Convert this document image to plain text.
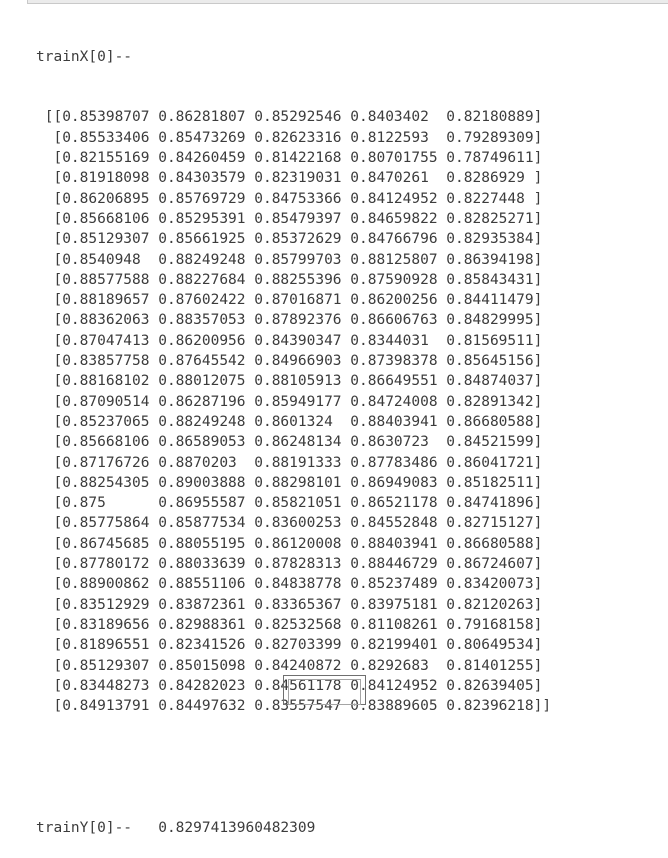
trainX[0]--

[[0.85398707 0.86281807 0.85292546 0.8403402  0.82180889]
[0.85533406 0.85473269 0.82623316 0.8122593  0.79289309]
[0.82155169 0.84260459 0.81422168 0.80701755 0.78749611]
[0.81918098 0.84303579 0.82319031 0.8470261  0.8286929 ]
[0.86206895 0.85769729 0.84753366 0.84124952 0.8227448 ]
[0.85668106 0.85295391 0.85479397 0.84659822 0.82825271]
[0.85129307 0.85661925 0.85372629 0.84766796 0.82935384]
[0.8540948  0.88249248 0.85799703 0.88125807 0.86394198]
[0.88577588 0.88227684 0.88255396 0.87590928 0.85843431]
[0.88189657 0.87602422 0.87016871 0.86200256 0.84411479]
[0.88362063 0.88357053 0.87892376 0.86606763 0.84829995]
[0.87047413 0.86200956 0.84390347 0.8344031  0.81569511]
[0.83857758 0.87645542 0.84966903 0.87398378 0.85645156]
[0.88168102 0.88012075 0.88105913 0.86649551 0.84874037]
[0.87090514 0.86287196 0.85949177 0.84724008 0.82891342]
[0.85237065 0.88249248 0.8601324  0.88403941 0.86680588]
[0.85668106 0.86589053 0.86248134 0.8630723  0.84521599]
[0.87176726 0.8870203  0.88191333 0.87783486 0.86041721]
[0.88254305 0.89003888 0.88298101 0.86949083 0.85182511]
[0.875      0.86955587 0.85821051 0.86521178 0.84741896]
[0.85775864 0.85877534 0.83600253 0.84552848 0.82715127]
[0.86745685 0.88055195 0.86120008 0.88403941 0.86680588]
[0.87780172 0.88033639 0.87828313 0.88446729 0.86724607]
[0.88900862 0.88551106 0.84838778 0.85237489 0.83420073]
[0.83512929 0.83872361 0.83365367 0.83975181 0.82120263]
[0.83189656 0.82988361 0.82532568 0.81108261 0.79168158]
[0.81896551 0.82341526 0.82703399 0.82199401 0.80649534]
[0.85129307 0.85015098 0.84240872 0.8292683  0.81401255]
[0.83448273 0.84282023 0.84561178 0.84124952 0.82639405]
[0.84913791 0.84497632 0.83557547 0.83889605 0.82396218]]

trainY[0]-- 0.8297413960482309
